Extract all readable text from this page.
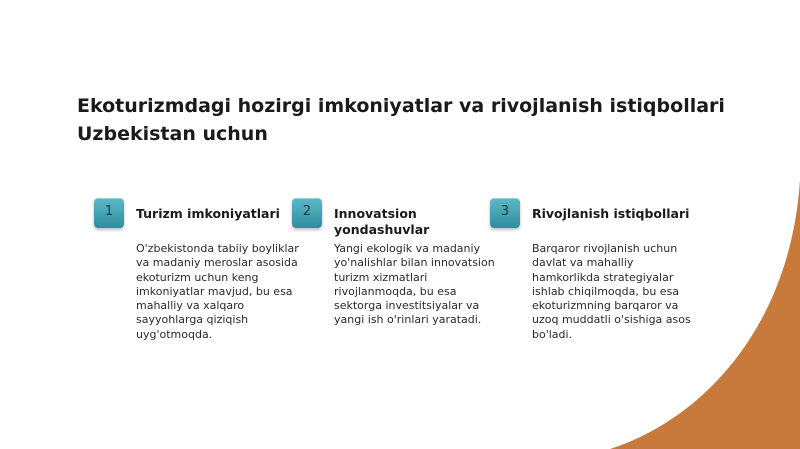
Ekoturizmdagi hozirgi imkoniyatlar va rivojlanish istiqbollari Uzbekistan uchun
1	Turizm imkoniyatlari
O'zbekistonda tabiiy boyliklar va madaniy meroslar asosida ekoturizm uchun keng imkoniyatlar mavjud, bu esa mahalliy va xalqaro sayyohlarga qiziqish uyg'otmoqda.
2	Innovatsion yondashuvlar
Yangi ekologik va madaniy yo'nalishlar bilan innovatsion turizm xizmatlari rivojlanmoqda, bu esa sektorga investitsiyalar va yangi ish o'rinlari yaratadi.
3	Rivojlanish istiqbollari
Barqaror rivojlanish uchun davlat va mahalliy hamkorlikda strategiyalar ishlab chiqilmoqda, bu esa ekoturizmning barqaror va uzoq muddatli o'sishiga asos bo'ladi.
